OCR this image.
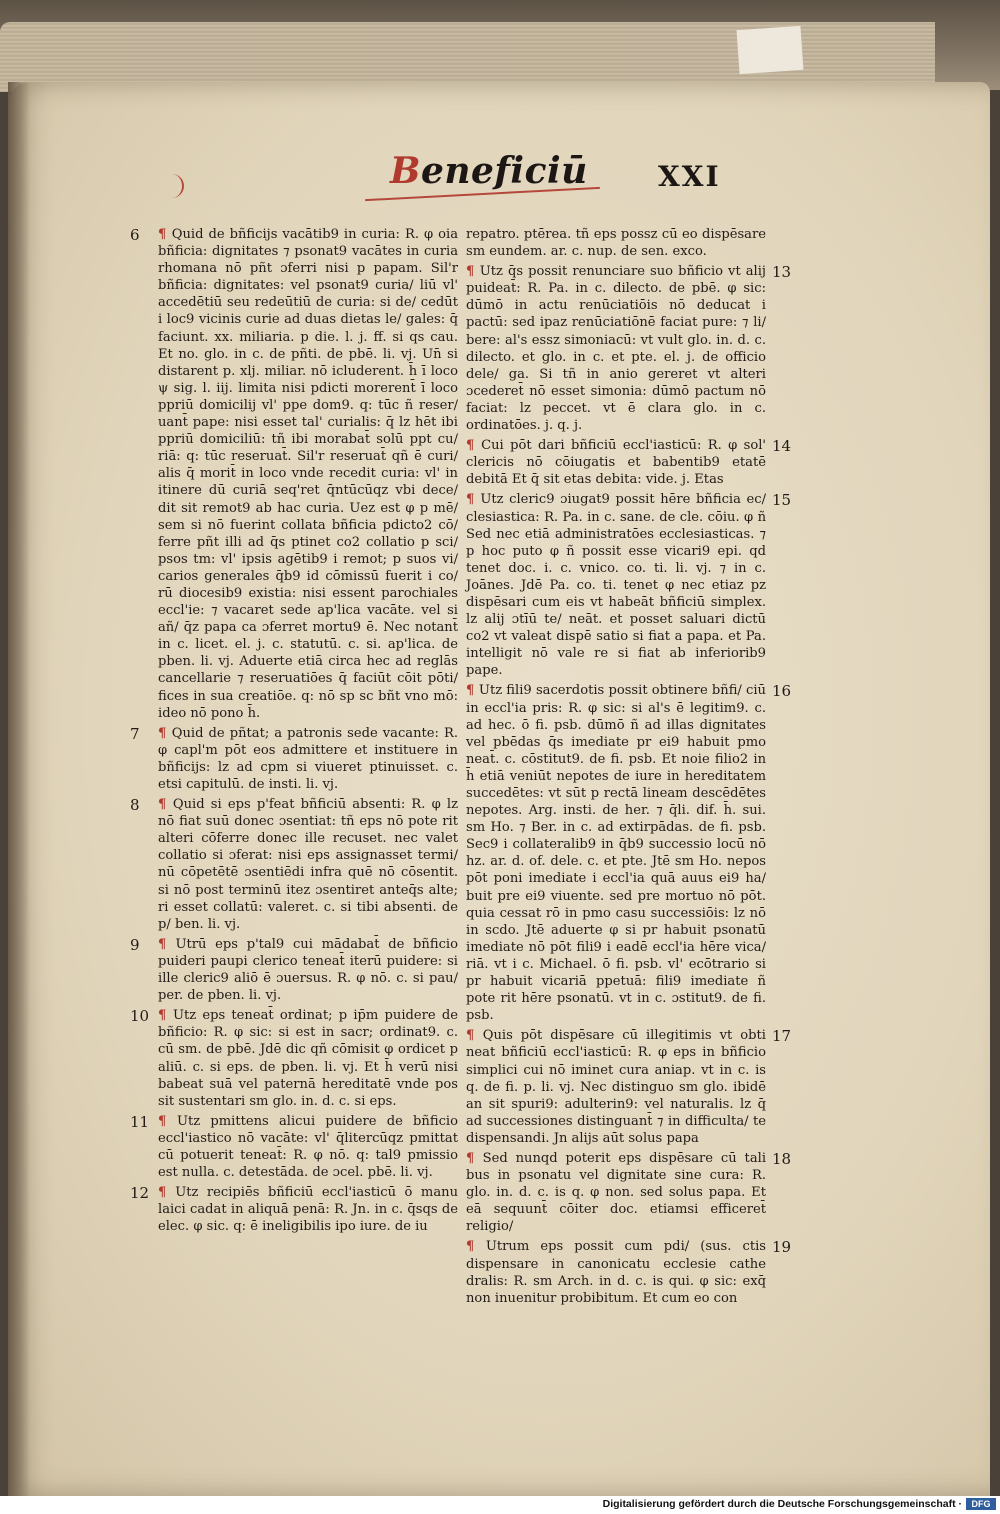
Beneficiū	XXI

¶ Quid de bñficijs vacātib9 in curia: R. φ oia bñficia: dignitates ⁊ psonat9 vacātes in curia rhomana nō pñt ɔferri nisi p papam. Sil'r bñficia: dignitates: vel psonat9 curia/ liū vl' accedētiū seu redeūtiū de curia: si de/ cedūt i loc9 vicinis curie ad duas dietas le/ gales: q̄ faciunt. xx. miliaria. p die. l. j. ff. si qs cau. Et no. glo. in c. de pñti. de pbē. li. vj. Un̄ si distarent p. xlj. miliar. nō icluderent. h̄ ī loco ψ sig. l. iij. limita nisi pdicti morerent̄ ī loco ppriū domicilij vl' ppe dom9. q: tūc ñ reser/ uant̄ pape: nisi esset tal' curialis: q̄ lz hēt ibi ppriū domiciliū: tñ ibi morabat̄ solū ppt cu/ riā: q: tūc reseruat̄. Sil'r reseruat̄ qñ ē curi/ alis q̄ morit̄ in loco vnde recedit curia: vl' in itinere dū curiā seq'ret q̄ntūcūqz vbi dece/ dit sit remot9 ab hac curia. Uez est φ p mē/ sem si nō fuerint collata bñficia pdicto2 cō/ ferre pñt illi ad q̄s ptinet co2 collatio p sci/ psos tm: vl' ipsis agētib9 i remot; p suos vi/ carios generales q̄b9 id cōmissū fuerit i co/ rū diocesib9 existia: nisi essent parochiales eccl'ie: ⁊ vacaret sede ap'lica vacāte. vel si añ/ q̄z papa ca ɔferret mortu9 ē. Nec notant̄ in c. licet. el. j. c. statutū. c. si. ap'lica. de pben. li. vj. Aduerte etiā circa hec ad reglās cancellarie ⁊ reseruatiōes q̄ faciūt cōit pōti/ fices in sua creatiōe. q: nō sp sc bñt vno mō: ideo nō pono h̄.

¶ Quid de pñtat; a patronis sede vacante: R. φ capl'm pōt eos admittere et instituere in bñficijs: lz ad cpm si viueret ptinuisset. c. etsi capitulū. de insti. li. vj.

¶ Quid si eps p'feat bñficiū absenti: R. φ lz nō fiat suū donec ɔsentiat: tñ eps nō pote rit alteri cōferre donec ille recuset. nec valet collatio si ɔferat: nisi eps assignasset termi/ nū cōpetētē ɔsentiēdi infra quē nō cōsentit. si nō post terminū itez ɔsentiret anteq̄s alte; ri esset collatū: valeret. c. si tibi absenti. de p/ ben. li. vj.

¶ Utrū eps p'tal9 cui mādabat̄ de bñficio puideri paupi clerico teneat̄ iterū puidere: si ille cleric9 aliō ē ɔuersus. R. φ nō. c. si pau/ per. de pben. li. vj.

¶ Utz eps teneat̄ ordinat; p ip̄m puidere de bñficio: R. φ sic: si est in sacr; ordinat9. c. cū sm. de pbē. Jdē dic qñ cōmisit φ ordicet p aliū. c. si eps. de pben. li. vj. Et h̄ verū nisi babeat suā vel paternā hereditatē vnde pos sit sustentari sm glo. in. d. c. si eps.

¶ Utz pmittens alicui puidere de bñficio eccl'iastico nō vacāte: vl' q̄litercūqz pmittat cū potuerit teneat̄: R. φ nō. q: tal9 pmissio est nulla. c. detestāda. de ɔcel. pbē. li. vj.

¶ Utz recipiēs bñficiū eccl'iasticū ō manu laici cadat in aliquā penā: R. Jn. in c. q̄sqs de elec. φ sic. q: ē ineligibilis ipo iure. de iu

repatro. ptērea. tñ eps possz cū eo dispēsare sm eundem. ar. c. nup. de sen. exco.

¶ Utz q̄s possit renunciare suo bñficio vt alij puideat̄: R. Pa. in c. dilecto. de pbē. φ sic: dūmō in actu renūciatiōis nō deducat i pactū: sed ipaz renūciatiōnē faciat pure: ⁊ li/ bere: al's essz simoniacū: vt vult glo. in. d. c. dilecto. et glo. in c. et pte. el. j. de officio dele/ ga. Si tñ in anio gereret vt alteri ɔcederet̄ nō esset simonia: dūmō pactum nō faciat: lz peccet. vt ē clara glo. in c. ordinatōes. j. q. j.

¶ Cui pōt dari bñficiū eccl'iasticū: R. φ sol' clericis nō cōiugatis et babentib9 etatē debitā Et q̄ sit etas debita: vide. j. Etas

¶ Utz cleric9 ɔiugat9 possit hēre bñficia ec/ clesiastica: R. Pa. in c. sane. de cle. cōiu. φ ñ Sed nec etiā administratōes ecclesiasticas. ⁊ p hoc puto φ ñ possit esse vicari9 epi. qd tenet doc. i. c. vnico. co. ti. li. vj. ⁊ in c. Joānes. Jdē Pa. co. ti. tenet φ nec etiaz pz dispēsari cum eis vt habeāt bñficiū simplex. lz alij ɔtīū te/ neāt. et posset saluari dictū co2 vt valeat dispē satio si fiat a papa. et Pa. intelligit nō vale re si fiat ab inferiorib9 pape.

¶ Utz fili9 sacerdotis possit obtinere bñfi/ ciū in eccl'ia pris: R. φ sic: si al's ē legitim9. c. ad hec. ō fi. psb. dūmō ñ ad illas dignitates vel pbēdas q̄s imediate pr ei9 habuit pmo neat̄. c. cōstitut9. de fi. psb. Et noie filio2 in h̄ etiā veniūt nepotes de iure in hereditatem succedētes: vt sūt p rectā lineam descēdētes nepotes. Arg. insti. de her. ⁊ q̄li. dif. h̄. sui. sm Ho. ⁊ Ber. in c. ad extirpādas. de fi. psb. Sec9 i collateralib9 in q̄b9 successio locū nō hz. ar. d. of. dele. c. et pte. Jtē sm Ho. nepos pōt poni imediate i eccl'ia quā auus ei9 ha/ buit pre ei9 viuente. sed pre mortuo nō pōt. quia cessat rō in pmo casu successiōis: lz nō in scdo. Jtē aduerte φ si pr habuit psonatū imediate nō pōt fili9 i eadē eccl'ia hēre vica/ riā. vt i c. Michael. ō fi. psb. vl' ecōtrario si pr habuit vicariā ppetuā: fili9 imediate ñ pote rit hēre psonatū. vt in c. ɔstitut9. de fi. psb.

¶ Quis pōt dispēsare cū illegitimis vt obti neat bñficiū eccl'iasticū: R. φ eps in bñficio simplici cui nō iminet cura aniap. vt in c. is q. de fi. p. li. vj. Nec distinguo sm glo. ibidē an sit spuri9: adulterin9: vel naturalis. lz q̄ ad successiones distinguant̄ ⁊ in difficulta/ te dispensandi. Jn alijs aūt solus papa

¶ Sed nunqd poterit eps dispēsare cū tali bus in psonatu vel dignitate sine cura: R. glo. in. d. c. is q. φ non. sed solus papa. Et eā sequunt̄ cōiter doc. etiamsi efficeret̄ religio/

¶ Utrum eps possit cum pdi/ (sus. ctis dispensare in canonicatu ecclesie cathe dralis: R. sm Arch. in d. c. is qui. φ sic: exq̄ non inuenitur probibitum. Et cum eo con

6
7
8
9
10
11
12
13
14
15
16
17
18
19
Digitalisierung gefördert durch die Deutsche Forschungsgemeinschaft ·	DFG
